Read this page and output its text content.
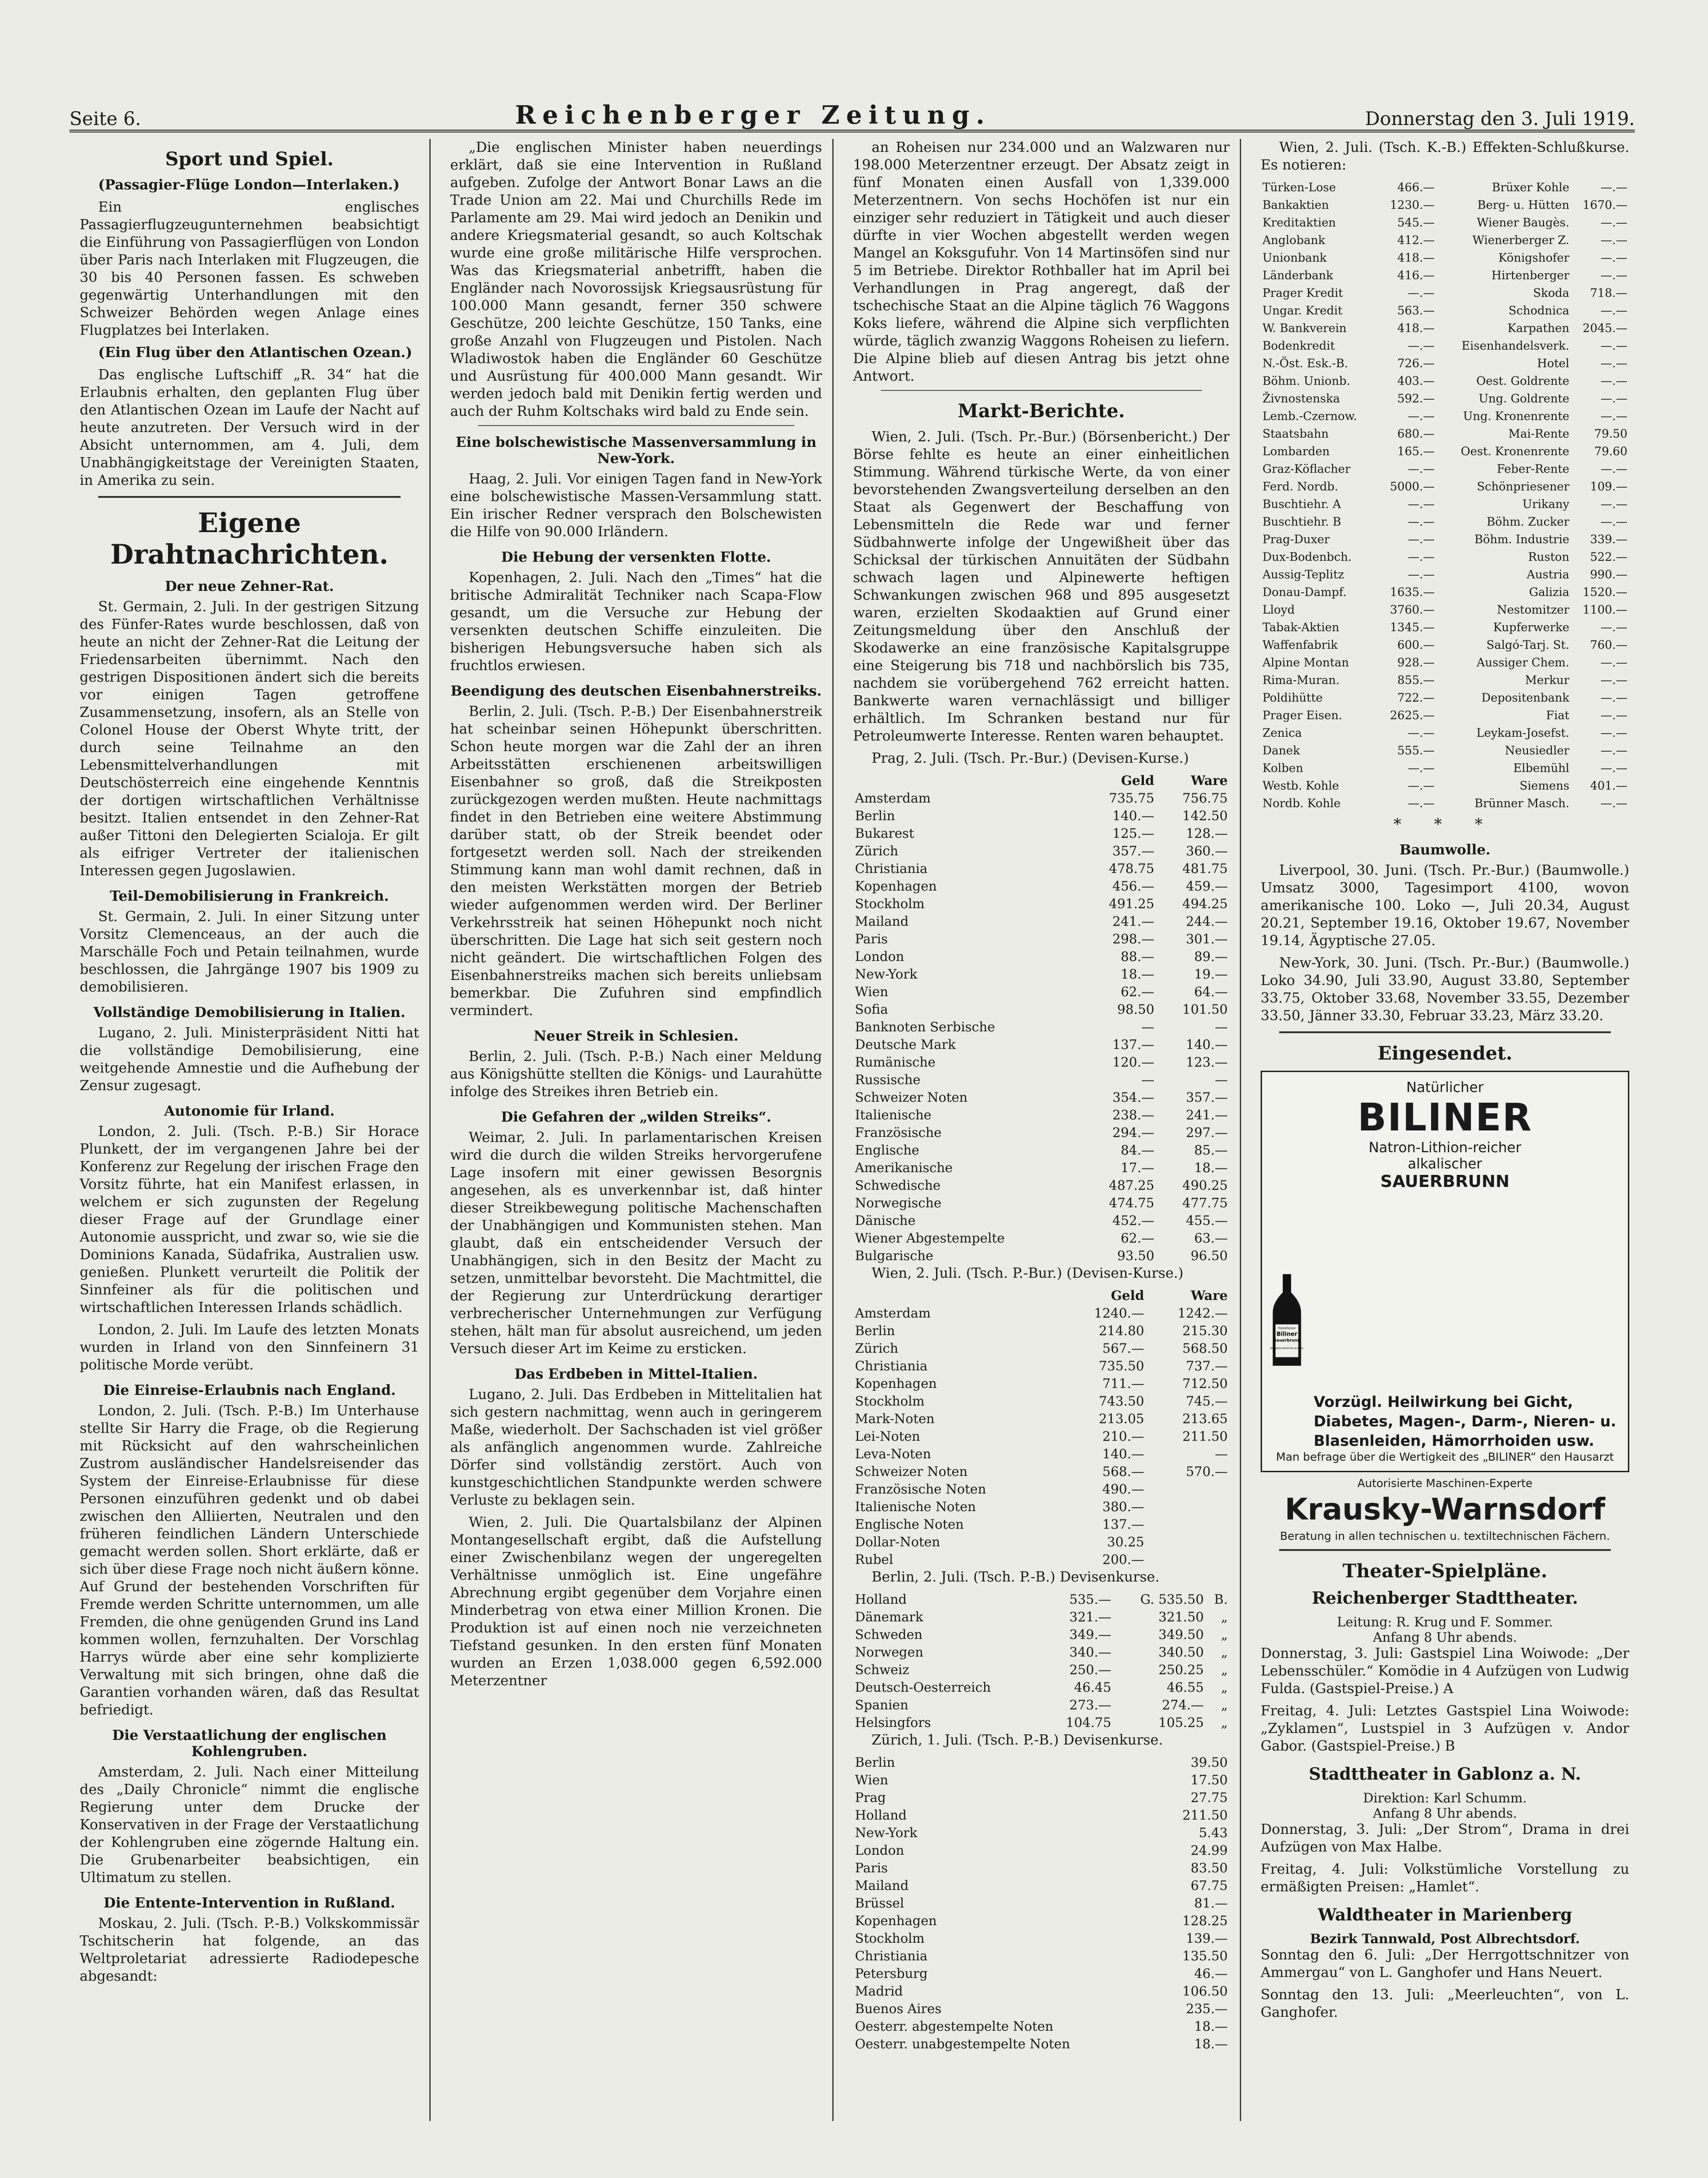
Seite 6.	Reichenberger Zeitung.	Donnerstag den 3. Juli 1919.
Sport und Spiel.

(Passagier-Flüge London—Interlaken.)

Ein englisches Passagierflugzeugunternehmen beabsichtigt die Einführung von Passagierflügen von London über Paris nach Interlaken mit Flugzeugen, die 30 bis 40 Personen fassen. Es schweben gegenwärtig Unterhandlungen mit den Schweizer Behörden wegen Anlage eines Flugplatzes bei Interlaken.

(Ein Flug über den Atlantischen Ozean.)

Das englische Luftschiff „R. 34“ hat die Erlaubnis erhalten, den geplanten Flug über den Atlantischen Ozean im Laufe der Nacht auf heute anzutreten. Der Versuch wird in der Absicht unternommen, am 4. Juli, dem Unabhängigkeitstage der Vereinigten Staaten, in Amerika zu sein.

Eigene Drahtnachrichten.
Der neue Zehner-Rat.

St. Germain, 2. Juli. In der gestrigen Sitzung des Fünfer-Rates wurde beschlossen, daß von heute an nicht der Zehner-Rat die Leitung der Friedensarbeiten übernimmt. Nach den gestrigen Dispositionen ändert sich die bereits vor einigen Tagen getroffene Zusammensetzung, insofern, als an Stelle von Colonel House der Oberst Whyte tritt, der durch seine Teilnahme an den Lebensmittelverhandlungen mit Deutschösterreich eine eingehende Kenntnis der dortigen wirtschaftlichen Verhältnisse besitzt. Italien entsendet in den Zehner-Rat außer Tittoni den Delegierten Scialoja. Er gilt als eifriger Vertreter der italienischen Interessen gegen Jugoslawien.

Teil-Demobilisierung in Frankreich.

St. Germain, 2. Juli. In einer Sitzung unter Vorsitz Clemenceaus, an der auch die Marschälle Foch und Petain teilnahmen, wurde beschlossen, die Jahrgänge 1907 bis 1909 zu demobilisieren.

Vollständige Demobilisierung in Italien.

Lugano, 2. Juli. Ministerpräsident Nitti hat die vollständige Demobilisierung, eine weitgehende Amnestie und die Aufhebung der Zensur zugesagt.

Autonomie für Irland.

London, 2. Juli. (Tsch. P.-B.) Sir Horace Plunkett, der im vergangenen Jahre bei der Konferenz zur Regelung der irischen Frage den Vorsitz führte, hat ein Manifest erlassen, in welchem er sich zugunsten der Regelung dieser Frage auf der Grundlage einer Autonomie ausspricht, und zwar so, wie sie die Dominions Kanada, Südafrika, Australien usw. genießen. Plunkett verurteilt die Politik der Sinnfeiner als für die politischen und wirtschaftlichen Interessen Irlands schädlich.

London, 2. Juli. Im Laufe des letzten Monats wurden in Irland von den Sinnfeinern 31 politische Morde verübt.

Die Einreise-Erlaubnis nach England.

London, 2. Juli. (Tsch. P.-B.) Im Unterhause stellte Sir Harry die Frage, ob die Regierung mit Rücksicht auf den wahrscheinlichen Zustrom ausländischer Handelsreisender das System der Einreise-Erlaubnisse für diese Personen einzuführen gedenkt und ob dabei zwischen den Alliierten, Neutralen und den früheren feindlichen Ländern Unterschiede gemacht werden sollen. Short erklärte, daß er sich über diese Frage noch nicht äußern könne. Auf Grund der bestehenden Vorschriften für Fremde werden Schritte unternommen, um alle Fremden, die ohne genügenden Grund ins Land kommen wollen, fernzuhalten. Der Vorschlag Harrys würde aber eine sehr komplizierte Verwaltung mit sich bringen, ohne daß die Garantien vorhanden wären, daß das Resultat befriedigt.

Die Verstaatlichung der englischen Kohlengruben.

Amsterdam, 2. Juli. Nach einer Mitteilung des „Daily Chronicle“ nimmt die englische Regierung unter dem Drucke der Konservativen in der Frage der Verstaatlichung der Kohlengruben eine zögernde Haltung ein. Die Grubenarbeiter beabsichtigen, ein Ultimatum zu stellen.

Die Entente-Intervention in Rußland.

Moskau, 2. Juli. (Tsch. P.-B.) Volkskommissär Tschitscherin hat folgende, an das Weltproletariat adressierte Radiodepesche abgesandt:

„Die englischen Minister haben neuerdings erklärt, daß sie eine Intervention in Rußland aufgeben. Zufolge der Antwort Bonar Laws an die Trade Union am 22. Mai und Churchills Rede im Parlamente am 29. Mai wird jedoch an Denikin und andere Kriegsmaterial gesandt, so auch Koltschak wurde eine große militärische Hilfe versprochen. Was das Kriegsmaterial anbetrifft, haben die Engländer nach Novorossijsk Kriegsausrüstung für 100.000 Mann gesandt, ferner 350 schwere Geschütze, 200 leichte Geschütze, 150 Tanks, eine große Anzahl von Flugzeugen und Pistolen. Nach Wladiwostok haben die Engländer 60 Geschütze und Ausrüstung für 400.000 Mann gesandt. Wir werden jedoch bald mit Denikin fertig werden und auch der Ruhm Koltschaks wird bald zu Ende sein.

Eine bolschewistische Massenversammlung in New-York.

Haag, 2. Juli. Vor einigen Tagen fand in New-York eine bolschewistische Massen-Versammlung statt. Ein irischer Redner versprach den Bolschewisten die Hilfe von 90.000 Irländern.

Die Hebung der versenkten Flotte.

Kopenhagen, 2. Juli. Nach den „Times“ hat die britische Admiralität Techniker nach Scapa-Flow gesandt, um die Versuche zur Hebung der versenkten deutschen Schiffe einzuleiten. Die bisherigen Hebungsversuche haben sich als fruchtlos erwiesen.

Beendigung des deutschen Eisenbahnerstreiks.

Berlin, 2. Juli. (Tsch. P.-B.) Der Eisenbahnerstreik hat scheinbar seinen Höhepunkt überschritten. Schon heute morgen war die Zahl der an ihren Arbeitsstätten erschienenen arbeitswilligen Eisenbahner so groß, daß die Streikposten zurückgezogen werden mußten. Heute nachmittags findet in den Betrieben eine weitere Abstimmung darüber statt, ob der Streik beendet oder fortgesetzt werden soll. Nach der streikenden Stimmung kann man wohl damit rechnen, daß in den meisten Werkstätten morgen der Betrieb wieder aufgenommen werden wird. Der Berliner Verkehrsstreik hat seinen Höhepunkt noch nicht überschritten. Die Lage hat sich seit gestern noch nicht geändert. Die wirtschaftlichen Folgen des Eisenbahnerstreiks machen sich bereits unliebsam bemerkbar. Die Zufuhren sind empfindlich vermindert.

Neuer Streik in Schlesien.

Berlin, 2. Juli. (Tsch. P.-B.) Nach einer Meldung aus Königshütte stellten die Königs- und Laurahütte infolge des Streikes ihren Betrieb ein.

Die Gefahren der „wilden Streiks“.

Weimar, 2. Juli. In parlamentarischen Kreisen wird die durch die wilden Streiks hervorgerufene Lage insofern mit einer gewissen Besorgnis angesehen, als es unverkennbar ist, daß hinter dieser Streikbewegung politische Machenschaften der Unabhängigen und Kommunisten stehen. Man glaubt, daß ein entscheidender Versuch der Unabhängigen, sich in den Besitz der Macht zu setzen, unmittelbar bevorsteht. Die Machtmittel, die der Regierung zur Unterdrückung derartiger verbrecherischer Unternehmungen zur Verfügung stehen, hält man für absolut ausreichend, um jeden Versuch dieser Art im Keime zu ersticken.

Das Erdbeben in Mittel-Italien.

Lugano, 2. Juli. Das Erdbeben in Mittelitalien hat sich gestern nachmittag, wenn auch in geringerem Maße, wiederholt. Der Sachschaden ist viel größer als anfänglich angenommen wurde. Zahlreiche Dörfer sind vollständig zerstört. Auch von kunstgeschichtlichen Standpunkte werden schwere Verluste zu beklagen sein.

Wien, 2. Juli. Die Quartalsbilanz der Alpinen Montangesellschaft ergibt, daß die Aufstellung einer Zwischenbilanz wegen der ungeregelten Verhältnisse unmöglich ist. Eine ungefähre Abrechnung ergibt gegenüber dem Vorjahre einen Minderbetrag von etwa einer Million Kronen. Die Produktion ist auf einen noch nie verzeichneten Tiefstand gesunken. In den ersten fünf Monaten wurden an Erzen 1,038.000 gegen 6,592.000 Meterzentner

an Roheisen nur 234.000 und an Walzwaren nur 198.000 Meterzentner erzeugt. Der Absatz zeigt in fünf Monaten einen Ausfall von 1,339.000 Meterzentnern. Von sechs Hochöfen ist nur ein einziger sehr reduziert in Tätigkeit und auch dieser dürfte in vier Wochen abgestellt werden wegen Mangel an Koksgufuhr. Von 14 Martinsöfen sind nur 5 im Betriebe. Direktor Rothballer hat im April bei Verhandlungen in Prag angeregt, daß der tschechische Staat an die Alpine täglich 76 Waggons Koks liefere, während die Alpine sich verpflichten würde, täglich zwanzig Waggons Roheisen zu liefern. Die Alpine blieb auf diesen Antrag bis jetzt ohne Antwort.

Markt-Berichte.

Wien, 2. Juli. (Tsch. Pr.-Bur.) (Börsenbericht.) Der Börse fehlte es heute an einer einheitlichen Stimmung. Während türkische Werte, da von einer bevorstehenden Zwangsverteilung derselben an den Staat als Gegenwert der Beschaffung von Lebensmitteln die Rede war und ferner Südbahnwerte infolge der Ungewißheit über das Schicksal der türkischen Annuitäten der Südbahn schwach lagen und Alpinewerte heftigen Schwankungen zwischen 968 und 895 ausgesetzt waren, erzielten Skodaaktien auf Grund einer Zeitungsmeldung über den Anschluß der Skodawerke an eine französische Kapitalsgruppe eine Steigerung bis 718 und nachbörslich bis 735, nachdem sie vorübergehend 762 erreicht hatten. Bankwerte waren vernachlässigt und billiger erhältlich. Im Schranken bestand nur für Petroleumwerte Interesse. Renten waren behauptet.

Prag, 2. Juli. (Tsch. Pr.-Bur.) (Devisen-Kurse.)

	Geld	Ware
Amsterdam	735.75	756.75
Berlin	140.—	142.50
Bukarest	125.—	128.—
Zürich	357.—	360.—
Christiania	478.75	481.75
Kopenhagen	456.—	459.—
Stockholm	491.25	494.25
Mailand	241.—	244.—
Paris	298.—	301.—
London	88.—	89.—
New-York	18.—	19.—
Wien	62.—	64.—
Sofia	98.50	101.50
Banknoten Serbische	—	—
Deutsche Mark	137.—	140.—
Rumänische	120.—	123.—
Russische	—	—
Schweizer Noten	354.—	357.—
Italienische	238.—	241.—
Französische	294.—	297.—
Englische	84.—	85.—
Amerikanische	17.—	18.—
Schwedische	487.25	490.25
Norwegische	474.75	477.75
Dänische	452.—	455.—
Wiener Abgestempelte	62.—	63.—
Bulgarische	93.50	96.50

Wien, 2. Juli. (Tsch. P.-Bur.) (Devisen-Kurse.)

	Geld	Ware
Amsterdam	1240.—	1242.—
Berlin	214.80	215.30
Zürich	567.—	568.50
Christiania	735.50	737.—
Kopenhagen	711.—	712.50
Stockholm	743.50	745.—
Mark-Noten	213.05	213.65
Lei-Noten	210.—	211.50
Leva-Noten	140.—	—
Schweizer Noten	568.—	570.—
Französische Noten	490.—	
Italienische Noten	380.—	
Englische Noten	137.—	
Dollar-Noten	30.25	
Rubel	200.—	

Berlin, 2. Juli. (Tsch. P.-B.) Devisenkurse.

Holland	535.—	G. 535.50	B.
Dänemark	321.—	321.50	„
Schweden	349.—	349.50	„
Norwegen	340.—	340.50	„
Schweiz	250.—	250.25	„
Deutsch-Oesterreich	46.45	46.55	„
Spanien	273.—	274.—	„
Helsingfors	104.75	105.25	„

Zürich, 1. Juli. (Tsch. P.-B.) Devisenkurse.

Berlin	39.50
Wien	17.50
Prag	27.75
Holland	211.50
New-York	5.43
London	24.99
Paris	83.50
Mailand	67.75
Brüssel	81.—
Kopenhagen	128.25
Stockholm	139.—
Christiania	135.50
Petersburg	46.—
Madrid	106.50
Buenos Aires	235.—
Oesterr. abgestempelte Noten	18.—
Oesterr. unabgestempelte Noten	18.—

Wien, 2. Juli. (Tsch. K.-B.) Effekten-Schlußkurse. Es notieren:

Türken-Lose	466.—	Brüxer Kohle	—.—
Bankaktien	1230.—	Berg- u. Hütten	1670.—
Kreditaktien	545.—	Wiener Baugès.	—.—
Anglobank	412.—	Wienerberger Z.	—.—
Unionbank	418.—	Königshofer	—.—
Länderbank	416.—	Hirtenberger	—.—
Prager Kredit	—.—	Skoda	718.—
Ungar. Kredit	563.—	Schodnica	—.—
W. Bankverein	418.—	Karpathen	2045.—
Bodenkredit	—.—	Eisenhandelsverk.	—.—
N.-Öst. Esk.-B.	726.—	Hotel	—.—
Böhm. Unionb.	403.—	Oest. Goldrente	—.—
Živnostenska	592.—	Ung. Goldrente	—.—
Lemb.-Czernow.	—.—	Ung. Kronenrente	—.—
Staatsbahn	680.—	Mai-Rente	79.50
Lombarden	165.—	Oest. Kronenrente	79.60
Graz-Köflacher	—.—	Feber-Rente	—.—
Ferd. Nordb.	5000.—	Schönpriesener	109.—
Buschtiehr. A	—.—	Urikany	—.—
Buschtiehr. B	—.—	Böhm. Zucker	—.—
Prag-Duxer	—.—	Böhm. Industrie	339.—
Dux-Bodenbch.	—.—	Ruston	522.—
Aussig-Teplitz	—.—	Austria	990.—
Donau-Dampf.	1635.—	Galizia	1520.—
Lloyd	3760.—	Nestomitzer	1100.—
Tabak-Aktien	1345.—	Kupferwerke	—.—
Waffenfabrik	600.—	Salgó-Tarj. St.	760.—
Alpine Montan	928.—	Aussiger Chem.	—.—
Rima-Muran.	855.—	Merkur	—.—
Poldihütte	722.—	Depositenbank	—.—
Prager Eisen.	2625.—	Fiat	—.—
Zenica	—.—	Leykam-Josefst.	—.—
Danek	555.—	Neusiedler	—.—
Kolben	—.—	Elbemühl	—.—
Westb. Kohle	—.—	Siemens	401.—
Nordb. Kohle	—.—	Brünner Masch.	—.—
* * *
Baumwolle.

Liverpool, 30. Juni. (Tsch. Pr.-Bur.) (Baumwolle.) Umsatz 3000, Tagesimport 4100, wovon amerikanische 100. Loko —, Juli 20.34, August 20.21, September 19.16, Oktober 19.67, November 19.14, Ägyptische 27.05.

New-York, 30. Juni. (Tsch. Pr.-Bur.) (Baumwolle.) Loko 34.90, Juli 33.90, August 33.80, September 33.75, Oktober 33.68, November 33.55, Dezember 33.50, Jänner 33.30, Februar 33.23, März 33.20.

Eingesendet.
Natürlicher
BILINER
Natron-Lithion-reicher
alkalischer
SAUERBRUNN
Natürlicher
Biliner
Sauerbrunn
BRUNNEN-DIREKTION BILIN I/B.
Vorzügl. Heilwirkung bei Gicht, Diabetes, Magen-, Darm-, Nieren- u. Blasenleiden, Hämorrhoiden usw.
Man befrage über die Wertigkeit des „BILINER“ den Hausarzt
Autorisierte Maschinen-Experte
Krausky-Warnsdorf
Beratung in allen technischen u. textiltechnischen Fächern.
Theater-Spielpläne.
Reichenberger Stadttheater.
Leitung: R. Krug und F. Sommer.
Anfang 8 Uhr abends.

Donnerstag, 3. Juli: Gastspiel Lina Woiwode: „Der Lebensschüler.“ Komödie in 4 Aufzügen von Ludwig Fulda. (Gastspiel-Preise.) A

Freitag, 4. Juli: Letztes Gastspiel Lina Woiwode: „Zyklamen“, Lustspiel in 3 Aufzügen v. Andor Gabor. (Gastspiel-Preise.) B

Stadttheater in Gablonz a. N.
Direktion: Karl Schumm.
Anfang 8 Uhr abends.

Donnerstag, 3. Juli: „Der Strom“, Drama in drei Aufzügen von Max Halbe.

Freitag, 4. Juli: Volkstümliche Vorstellung zu ermäßigten Preisen: „Hamlet“.

Waldtheater in Marienberg
Bezirk Tannwald, Post Albrechtsdorf.

Sonntag den 6. Juli: „Der Herrgottschnitzer von Ammergau“ von L. Ganghofer und Hans Neuert.

Sonntag den 13. Juli: „Meerleuchten“, von L. Ganghofer.
